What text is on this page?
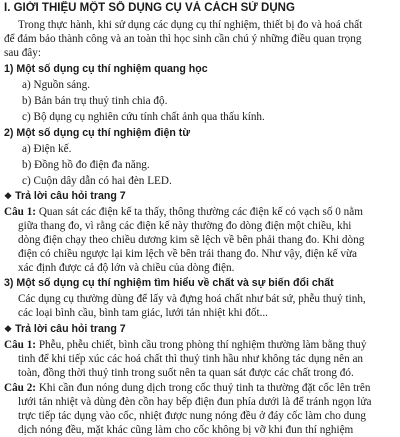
I. GIỚI THIỆU MỘT SỐ DỤNG CỤ VÀ CÁCH SỬ DỤNG
Trong thực hành, khi sử dụng các dụng cụ thí nghiệm, thiết bị đo và hoá chất
để đảm bảo thành công và an toàn thì học sinh cần chú ý những điều quan trọng
sau đây:
1) Một số dụng cụ thí nghiệm quang học
a) Nguồn sáng.
b) Bản bán trụ thuỷ tinh chia độ.
c) Bộ dụng cụ nghiên cứu tính chất ảnh qua thấu kính.
2) Một số dụng cụ thí nghiệm điện từ
a) Điện kế.
b) Đồng hồ đo điện đa năng.
c) Cuộn dây dẫn có hai đèn LED.
❖ Trả lời câu hỏi trang 7
Câu 1: Quan sát các điện kế ta thấy, thông thường các điện kế có vạch số 0 nằm
giữa thang đo, vì rằng các điện kế này thường đo dòng điện một chiều, khi
dòng điện chạy theo chiều dương kim sẽ lệch về bên phải thang đo. Khi dòng
điện có chiều ngược lại kim lệch về bên trái thang đo. Như vậy, điện kế vừa
xác định được cả độ lớn và chiều của dòng điện.
3) Một số dụng cụ thí nghiệm tìm hiểu về chất và sự biến đổi chất
Các dụng cụ thường dùng để lấy và đựng hoá chất như bát sứ, phễu thuỷ tinh,
các loại bình cầu, bình tam giác, lưới tản nhiệt khi đốt...
❖ Trả lời câu hỏi trang 7
Câu 1: Phễu, phễu chiết, bình cầu trong phòng thí nghiệm thường làm bằng thuỷ
tinh để khi tiếp xúc các hoá chất thì thuỷ tinh hầu như không tác dụng nên an
toàn, đồng thời thuỷ tinh trong suốt nên ta quan sát được các chất trong đó.
Câu 2: Khi cần đun nóng dung dịch trong cốc thuỷ tinh ta thường đặt cốc lên trên
lưới tản nhiệt và dùng đèn cồn hay bếp điện đun phía dưới là để tránh ngọn lửa
trực tiếp tác dụng vào cốc, nhiệt được nung nóng đều ở đáy cốc làm cho dung
dịch nóng đều, mặt khác cũng làm cho cốc không bị vỡ khi đun thí nghiệm
